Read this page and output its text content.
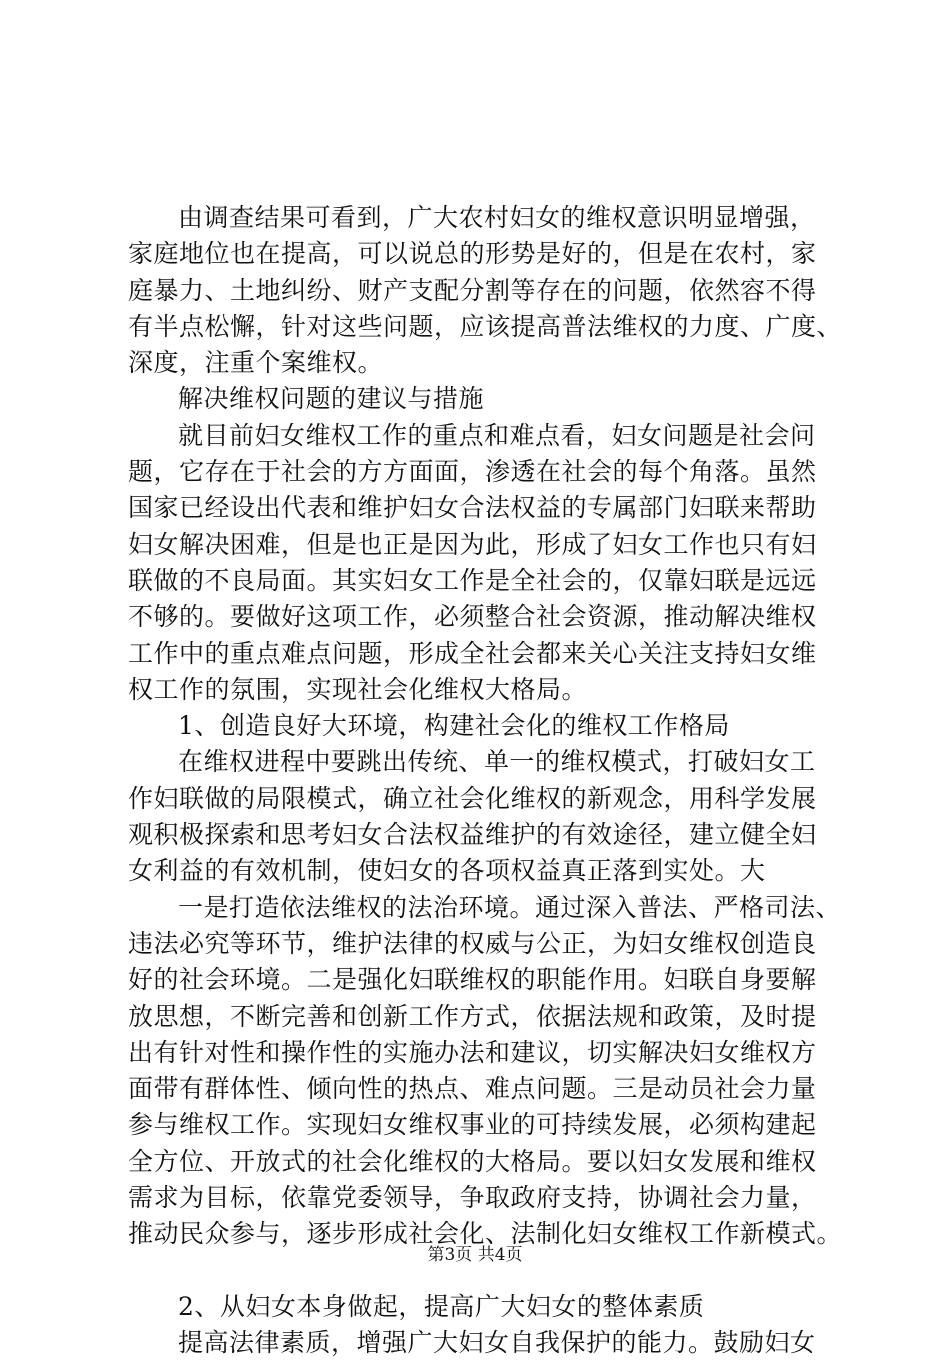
由调查结果可看到，广大农村妇女的维权意识明显增强，
家庭地位也在提高，可以说总的形势是好的，但是在农村，家
庭暴力、土地纠纷、财产支配分割等存在的问题，依然容不得
有半点松懈，针对这些问题，应该提高普法维权的力度、广度、
深度，注重个案维权。
解决维权问题的建议与措施
就目前妇女维权工作的重点和难点看，妇女问题是社会问
题，它存在于社会的方方面面，渗透在社会的每个角落。虽然
国家已经设出代表和维护妇女合法权益的专属部门妇联来帮助
妇女解决困难，但是也正是因为此，形成了妇女工作也只有妇
联做的不良局面。其实妇女工作是全社会的，仅靠妇联是远远
不够的。要做好这项工作，必须整合社会资源，推动解决维权
工作中的重点难点问题，形成全社会都来关心关注支持妇女维
权工作的氛围，实现社会化维权大格局。
1、创造良好大环境，构建社会化的维权工作格局
在维权进程中要跳出传统、单一的维权模式，打破妇女工
作妇联做的局限模式，确立社会化维权的新观念，用科学发展
观积极探索和思考妇女合法权益维护的有效途径，建立健全妇
女利益的有效机制，使妇女的各项权益真正落到实处。大
一是打造依法维权的法治环境。通过深入普法、严格司法、
违法必究等环节，维护法律的权威与公正，为妇女维权创造良
好的社会环境。二是强化妇联维权的职能作用。妇联自身要解
放思想，不断完善和创新工作方式，依据法规和政策，及时提
出有针对性和操作性的实施办法和建议，切实解决妇女维权方
面带有群体性、倾向性的热点、难点问题。三是动员社会力量
参与维权工作。实现妇女维权事业的可持续发展，必须构建起
全方位、开放式的社会化维权的大格局。要以妇女发展和维权
需求为目标，依靠党委领导，争取政府支持，协调社会力量，
推动民众参与，逐步形成社会化、法制化妇女维权工作新模式。
2、从妇女本身做起，提高广大妇女的整体素质
提高法律素质，增强广大妇女自我保护的能力。鼓励妇女
第3页 共4页
